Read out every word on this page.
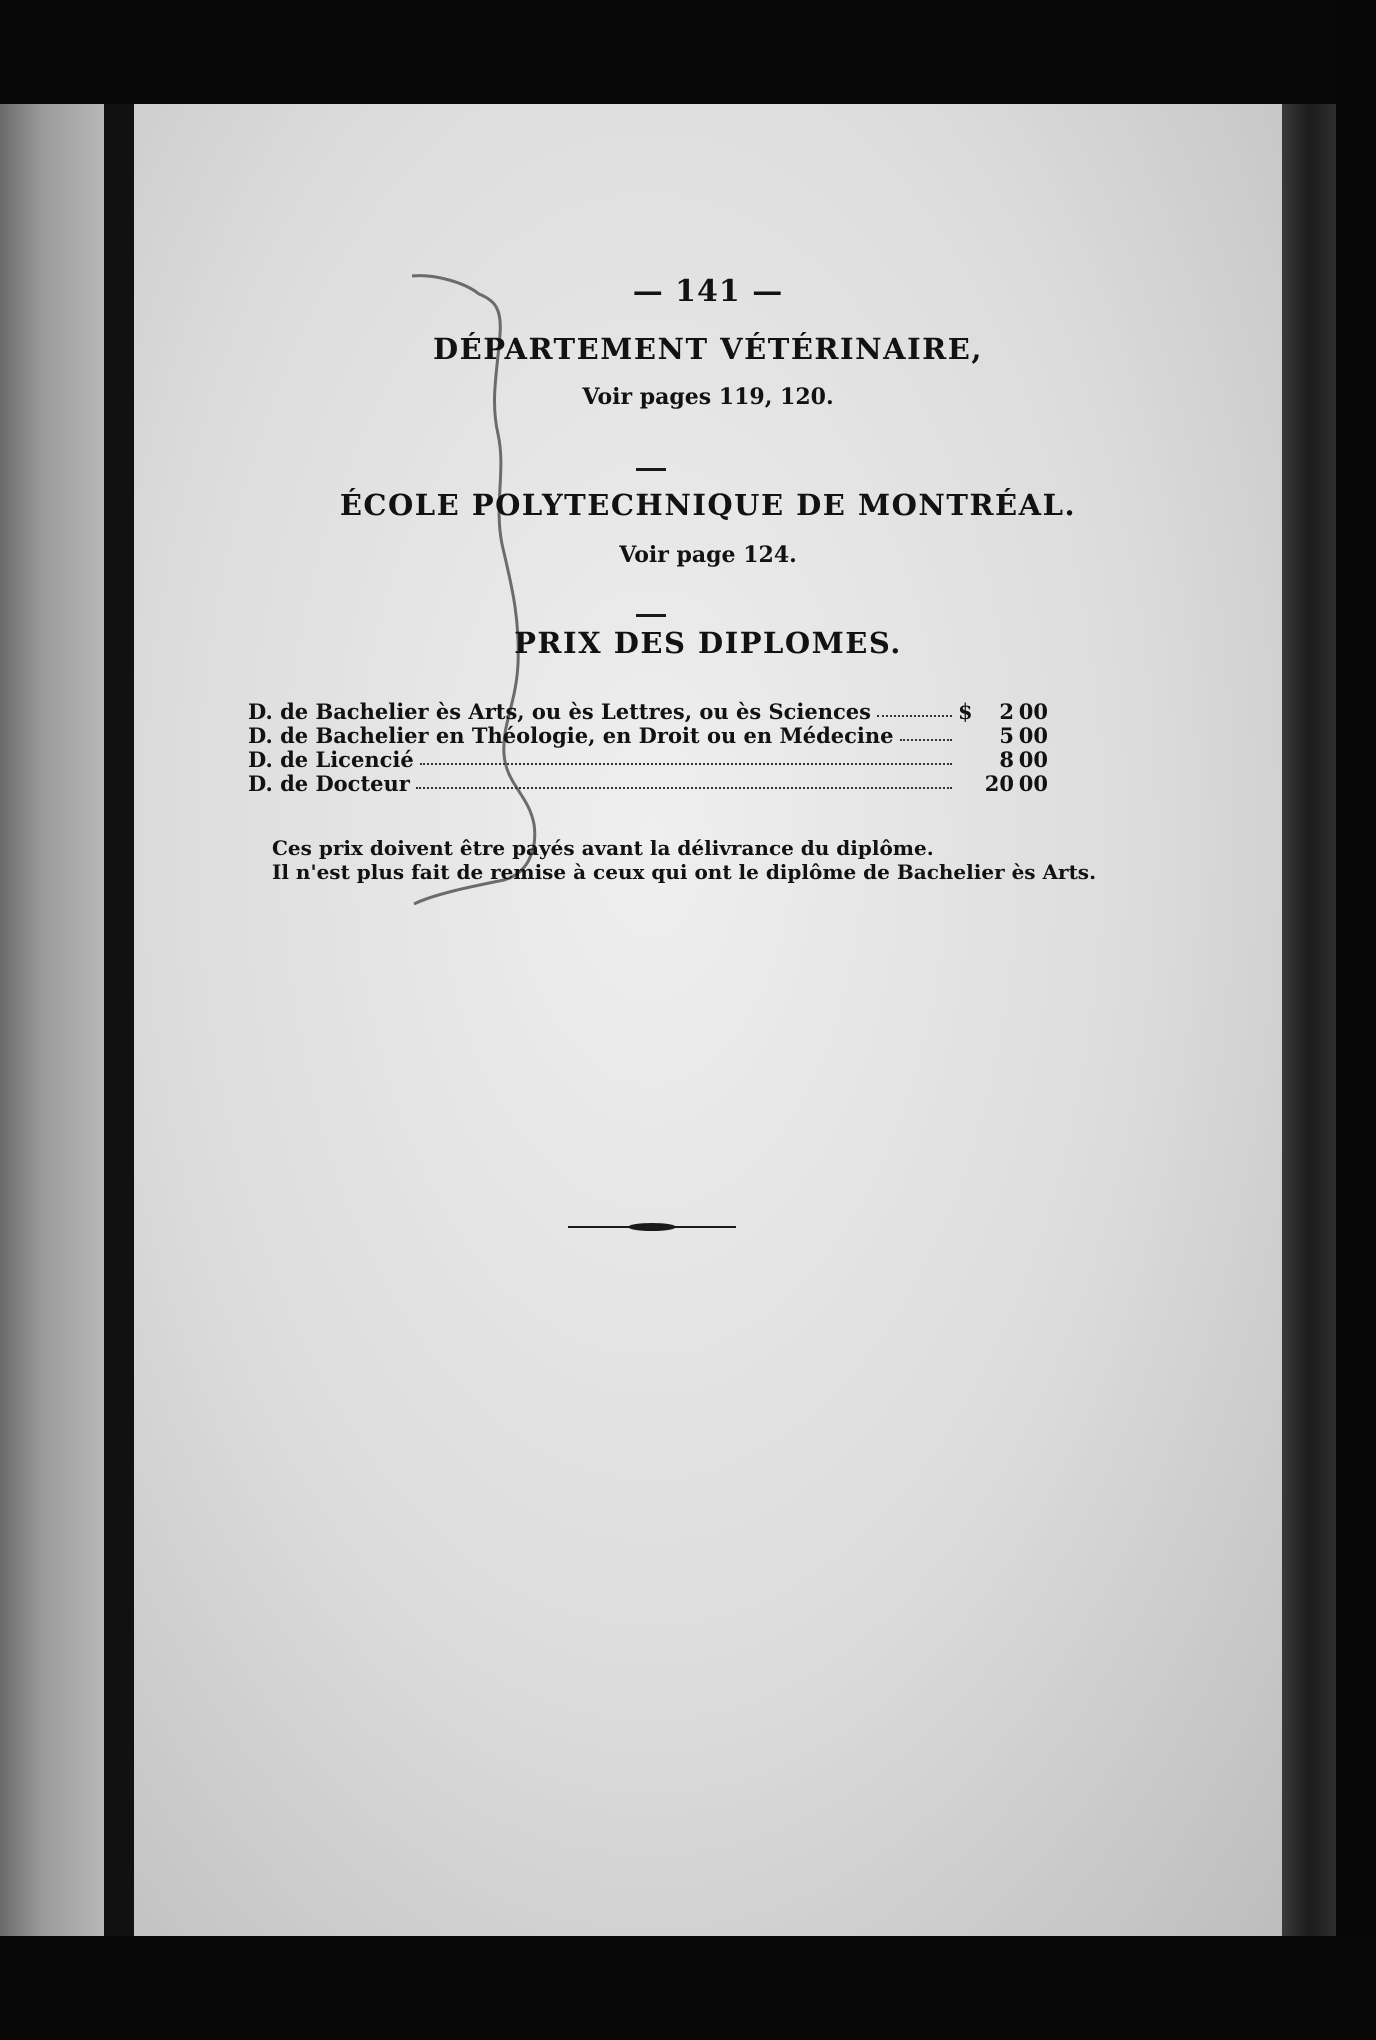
— 141 —

DÉPARTEMENT VÉTÉRINAIRE,

Voir pages 119, 120.

ÉCOLE POLYTECHNIQUE DE MONTRÉAL.

Voir page 124.

PRIX DES DIPLOMES.

D. de Bachelier ès Arts, ou ès Lettres, ou ès Sciences	$	2 00
D. de Bachelier en Théologie, en Droit ou en Médecine	5 00
D. de Licencié	8 00
D. de Docteur	20 00

Ces prix doivent être payés avant la délivrance du diplôme.

Il n'est plus fait de remise à ceux qui ont le diplôme de Bachelier ès Arts.
